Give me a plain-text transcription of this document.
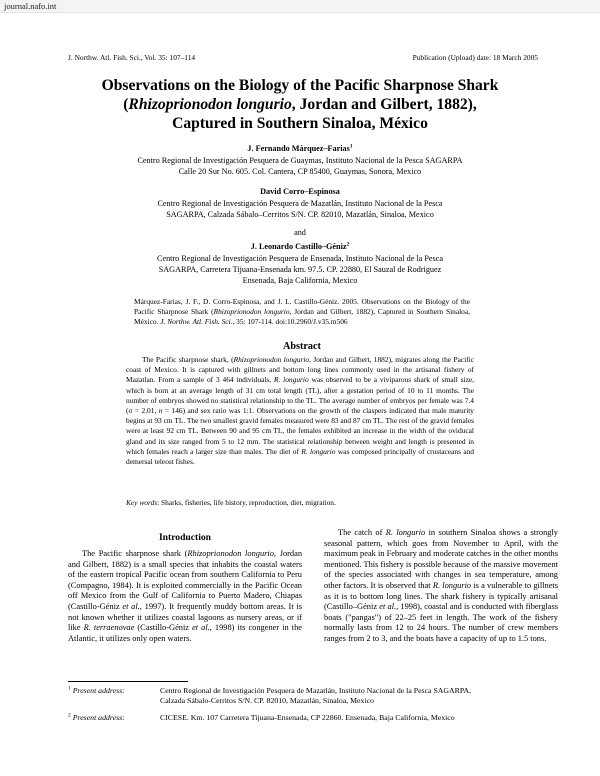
journal.nafo.int
J. Northw. Atl. Fish. Sci., Vol. 35: 107–114	Publication (Upload) date: 18 March 2005
Observations on the Biology of the Pacific Sharpnose Shark
(Rhizoprionodon longurio, Jordan and Gilbert, 1882),
Captured in Southern Sinaloa, México
J. Fernando Márquez–Farias$^1$
Centro Regional de Investigación Pesquera de Guaymas, Instituto Nacional de la Pesca SAGARPA
Calle 20 Sur No. 605. Col. Cantera, CP 85400, Guaymas, Sonora, Mexico
David Corro–Espinosa
Centro Regional de Investigación Pesquera de Mazatlán, Instituto Nacional de la Pesca
SAGARPA, Calzada Sábalo–Cerritos S/N. CP. 82010, Mazatlán, Sinaloa, Mexico
and
J. Leonardo Castillo–Géniz$^2$
Centro Regional de Investigación Pesquera de Ensenada, Instituto Nacional de la Pesca
SAGARPA, Carretera Tijuana-Ensenada km. 97.5. CP. 22880, El Sauzal de Rodriguez
Ensenada, Baja California, Mexico
Márquez-Farias, J. F., D. Corro-Espinosa, and J. L. Castillo-Géniz. 2005. Observations on the Biology of the Pacific Sharpnose Shark (Rhizoprionodon longurio, Jordan and Gilbert, 1882), Captured in Southern Sinaloa, México. J. Northw. Atl. Fish. Sci., 35: 107-114. doi:10.2960/J.v35.m506
Abstract
The Pacific sharpnose shark, (Rhizoprionodon longurio, Jordan and Gilbert, 1882), migrates along the Pacific coast of Mexico. It is captured with gillnets and bottom long lines commonly used in the artisanal fishery of Mazatlan. From a sample of 3 464 individuals, R. longurio was observed to be a viviparous shark of small size, which is born at an average length of 31 cm total length (TL), after a gestation period of 10 to 11 months. The number of embryos showed no statistical relationship to the TL. The average number of embryos per female was 7.4 (σ = 2.01, n = 146) and sex ratio was 1:1. Observations on the growth of the claspers indicated that male maturity begins at 93 cm TL. The two smallest gravid females measured were 83 and 87 cm TL. The rest of the gravid females were at least 92 cm TL. Between 90 and 95 cm TL, the females exhibited an increase in the width of the oviducal gland and its size ranged from 5 to 12 mm. The statistical relationship between weight and length is presented in which females reach a larger size than males. The diet of R. longurio was composed principally of crustaceans and demersal teleost fishes.
Key words: Sharks, fisheries, life history, reproduction, diet, migration.
Introduction
The Pacific sharpnose shark (Rhizoprionodon longurio, Jordan and Gilbert, 1882) is a small species that inhabits the coastal waters of the eastern tropical Pacific ocean from southern California to Peru (Compagno, 1984). It is exploited commercially in the Pacific Ocean off Mexico from the Gulf of California to Puerto Madero, Chiapas (Castillo-Géniz et al., 1997). It frequently muddy bottom areas. It is not known whether it utilizes coastal lagoons as nursery areas, or if like R. terraenovae (Castillo-Géniz et al., 1998) its congener in the Atlantic, it utilizes only open waters.
The catch of R. longurio in southern Sinaloa shows a strongly seasonal pattern, which goes from November to April, with the maximum peak in February and moderate catches in the other months mentioned. This fishery is possible because of the massive movement of the species associated with changes in sea temperature, among other factors. It is observed that R. longurio is a vulnerable to gillnets as it is to bottom long lines. The shark fishery is typically artisanal (Castillo–Géniz et al., 1998), coastal and is conducted with fiberglass boats ("pangas") of 22–25 feet in length. The work of the fishery normally lasts from 12 to 24 hours. The number of crew members ranges from 2 to 3, and the boats have a capacity of up to 1.5 tons.
$^1$ Present address:	Centro Regional de Investigación Pesquera de Mazatlán, Instituto Nacional de la Pesca SAGARPA,
Calzada Sábalo-Cerritos S/N. CP. 82010, Mazatlán, Sinaloa, Mexico
$^2$ Present address:	CICESE. Km. 107 Carretera Tijuana-Ensenada, CP 22860. Ensenada, Baja California, Mexico
